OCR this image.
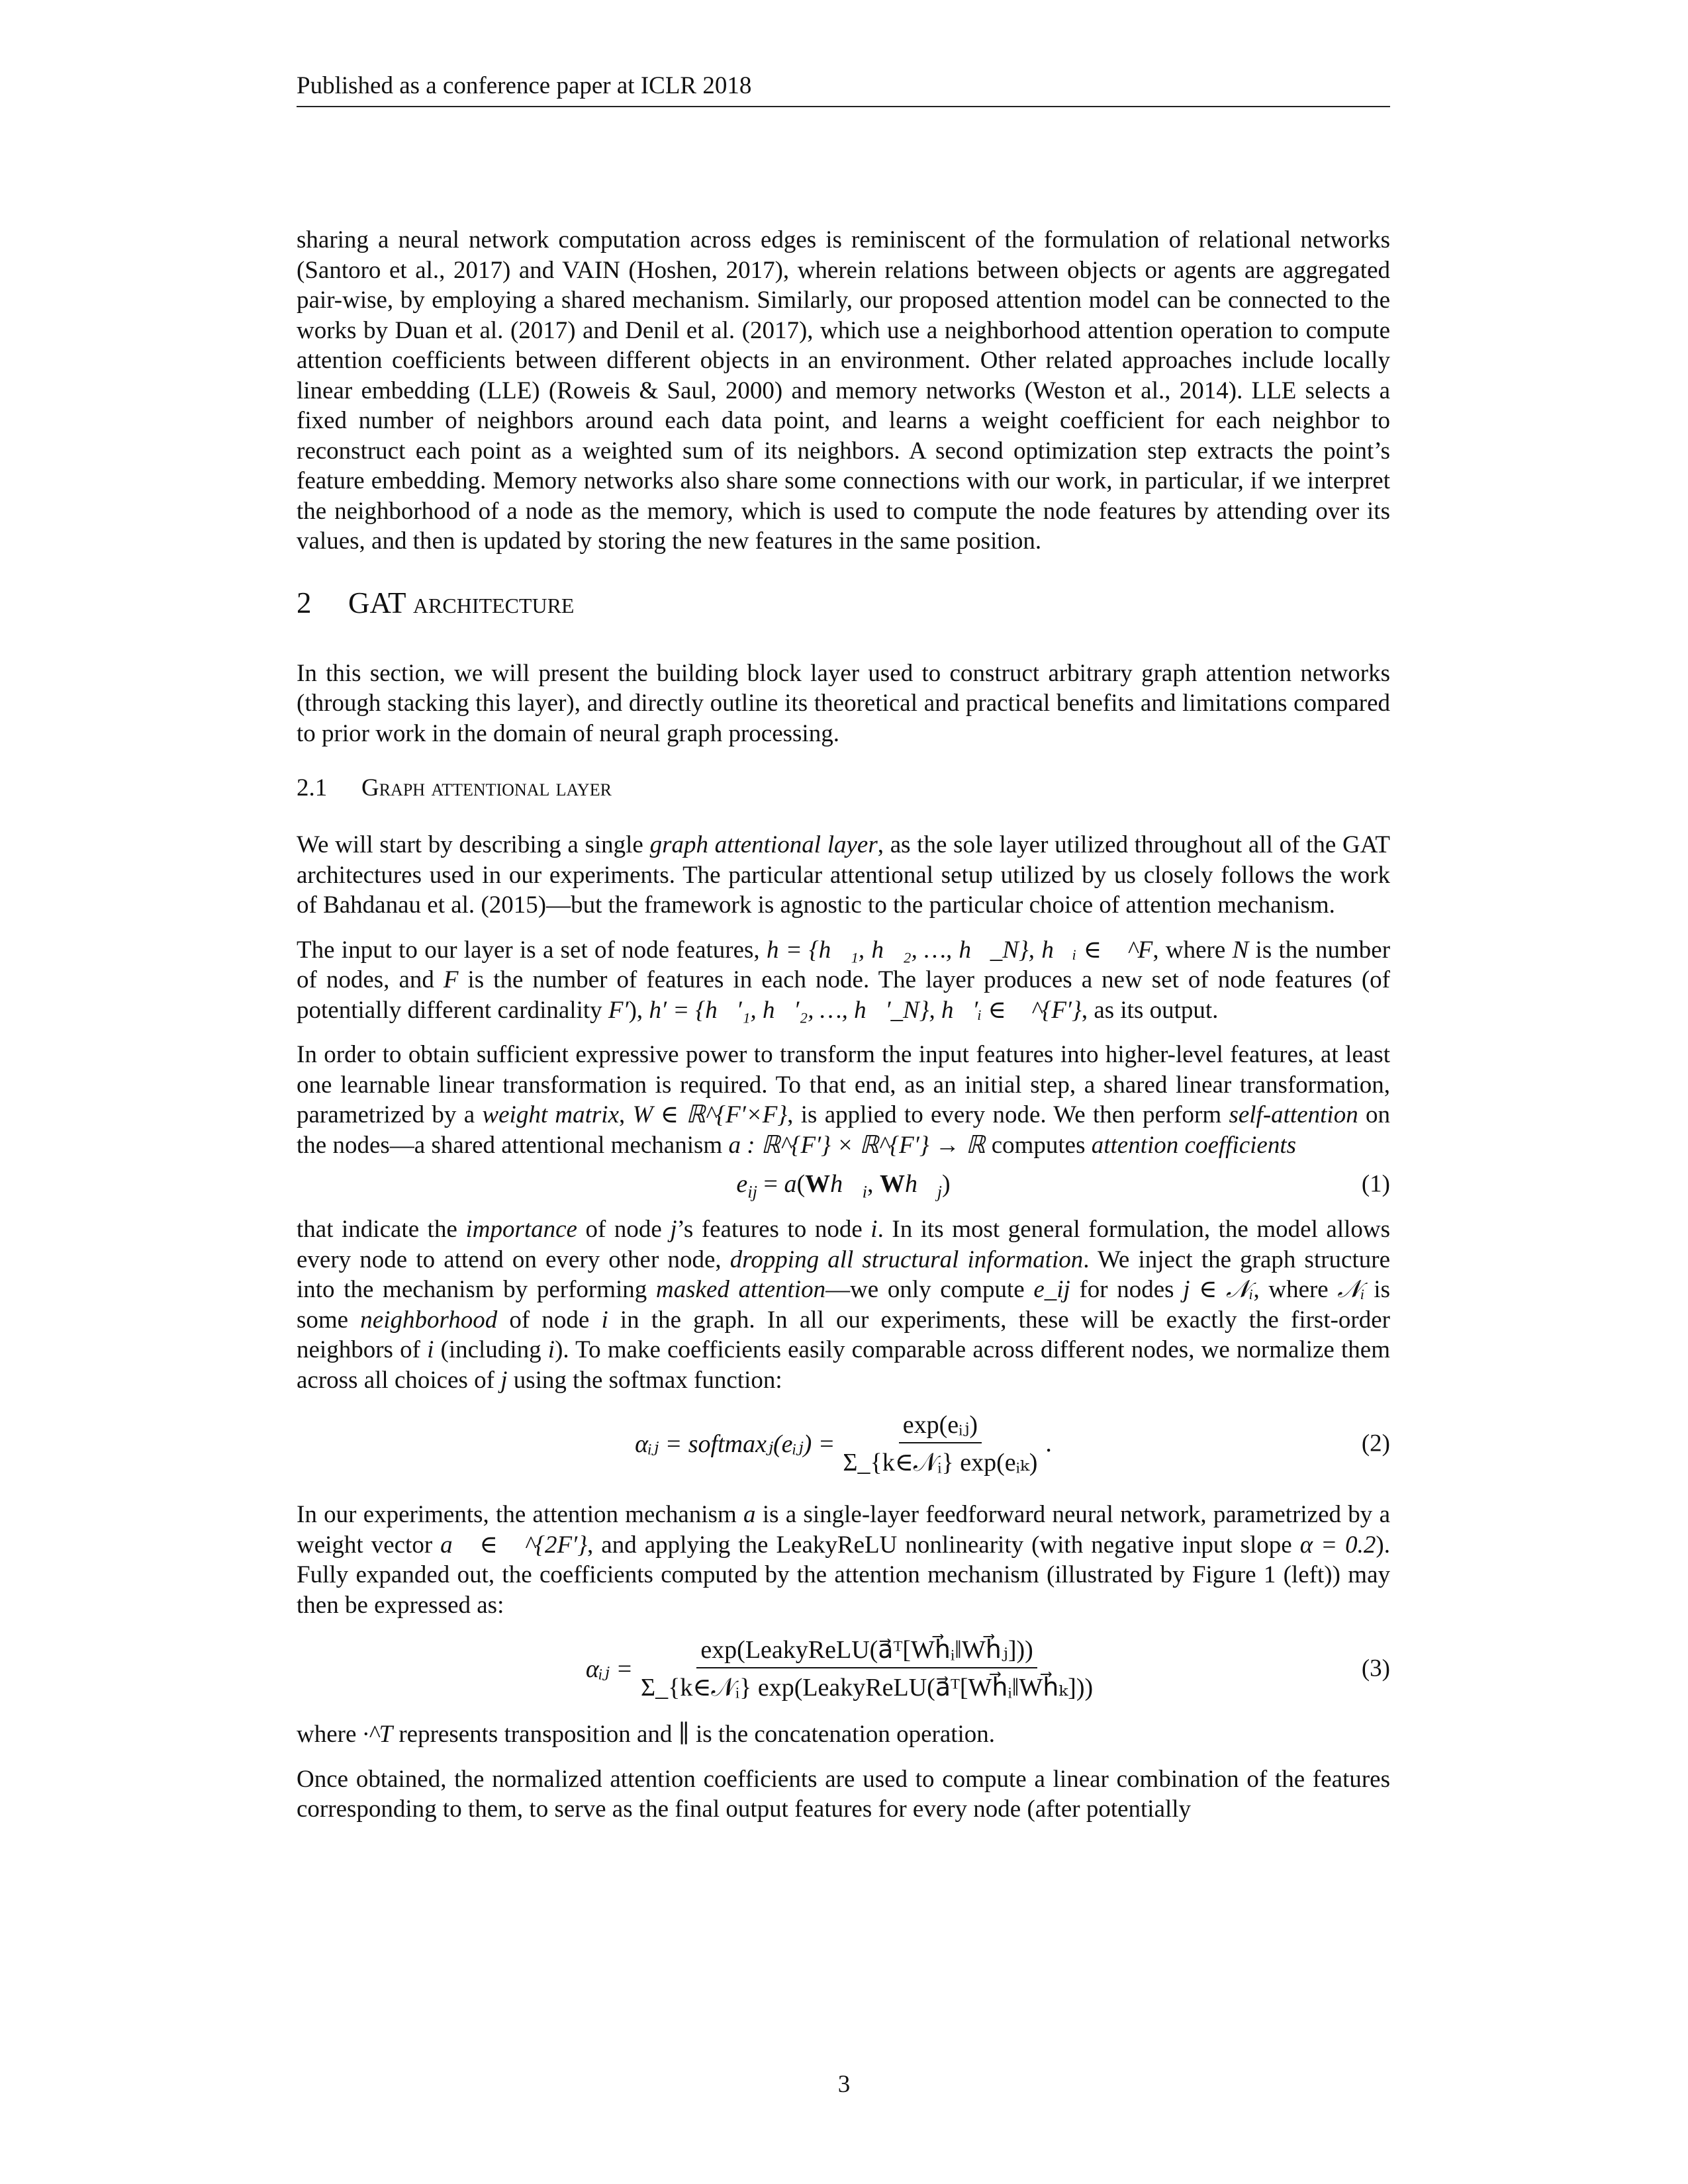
Published as a conference paper at ICLR 2018

sharing a neural network computation across edges is reminiscent of the formulation of relational networks (Santoro et al., 2017) and VAIN (Hoshen, 2017), wherein relations between objects or agents are aggregated pair-wise, by employing a shared mechanism. Similarly, our proposed attention model can be connected to the works by Duan et al. (2017) and Denil et al. (2017), which use a neighborhood attention operation to compute attention coefficients between different objects in an environment. Other related approaches include locally linear embedding (LLE) (Roweis & Saul, 2000) and memory networks (Weston et al., 2014). LLE selects a fixed number of neighbors around each data point, and learns a weight coefficient for each neighbor to reconstruct each point as a weighted sum of its neighbors. A second optimization step extracts the point’s feature embedding. Memory networks also share some connections with our work, in particular, if we interpret the neighborhood of a node as the memory, which is used to compute the node features by attending over its values, and then is updated by storing the new features in the same position.

2 GAT architecture

In this section, we will present the building block layer used to construct arbitrary graph attention networks (through stacking this layer), and directly outline its theoretical and practical benefits and limitations compared to prior work in the domain of neural graph processing.

2.1 Graph attentional layer

We will start by describing a single graph attentional layer, as the sole layer utilized throughout all of the GAT architectures used in our experiments. The particular attentional setup utilized by us closely follows the work of Bahdanau et al. (2015)—but the framework is agnostic to the particular choice of attention mechanism.

The input to our layer is a set of node features, h = {h⃗₁, h⃗₂, …, h⃗_N}, h⃗ᵢ ∈ ℝ^F, where N is the number of nodes, and F is the number of features in each node. The layer produces a new set of node features (of potentially different cardinality F′), h′ = {h⃗′₁, h⃗′₂, …, h⃗′_N}, h⃗′ᵢ ∈ ℝ^{F′}, as its output.

In order to obtain sufficient expressive power to transform the input features into higher-level features, at least one learnable linear transformation is required. To that end, as an initial step, a shared linear transformation, parametrized by a weight matrix, W ∈ ℝ^{F′×F}, is applied to every node. We then perform self-attention on the nodes—a shared attentional mechanism a : ℝ^{F′} × ℝ^{F′} → ℝ computes attention coefficients

$e_{ij}$ = $a(Wh⃗_i$, $Wh⃗_j$)	(1)

that indicate the importance of node j’s features to node i. In its most general formulation, the model allows every node to attend on every other node, dropping all structural information. We inject the graph structure into the mechanism by performing masked attention—we only compute e_ij for nodes j ∈ 𝒩ᵢ, where 𝒩ᵢ is some neighborhood of node i in the graph. In all our experiments, these will be exactly the first-order neighbors of i (including i). To make coefficients easily comparable across different nodes, we normalize them across all choices of j using the softmax function:

αᵢⱼ = softmaxⱼ(eᵢⱼ) = $\frac{\text{exp(eᵢⱼ)}}{\text{Σ\_\{k∈𝒩ᵢ\} exp(eᵢₖ)}}$ .	(2)

In our experiments, the attention mechanism a is a single-layer feedforward neural network, parametrized by a weight vector a⃗ ∈ ℝ^{2F′}, and applying the LeakyReLU nonlinearity (with negative input slope α = 0.2). Fully expanded out, the coefficients computed by the attention mechanism (illustrated by Figure 1 (left)) may then be expressed as:

αᵢⱼ = $\frac{\text{exp(LeakyReLU(a⃗ᵀ[Wh⃗ᵢ‖Wh⃗ⱼ]))}}{\text{Σ\_\{k∈𝒩ᵢ\} exp(LeakyReLU(a⃗ᵀ[Wh⃗ᵢ‖Wh⃗ₖ]))}}$	(3)

where ·^T represents transposition and ∥ is the concatenation operation.

Once obtained, the normalized attention coefficients are used to compute a linear combination of the features corresponding to them, to serve as the final output features for every node (after potentially

3
